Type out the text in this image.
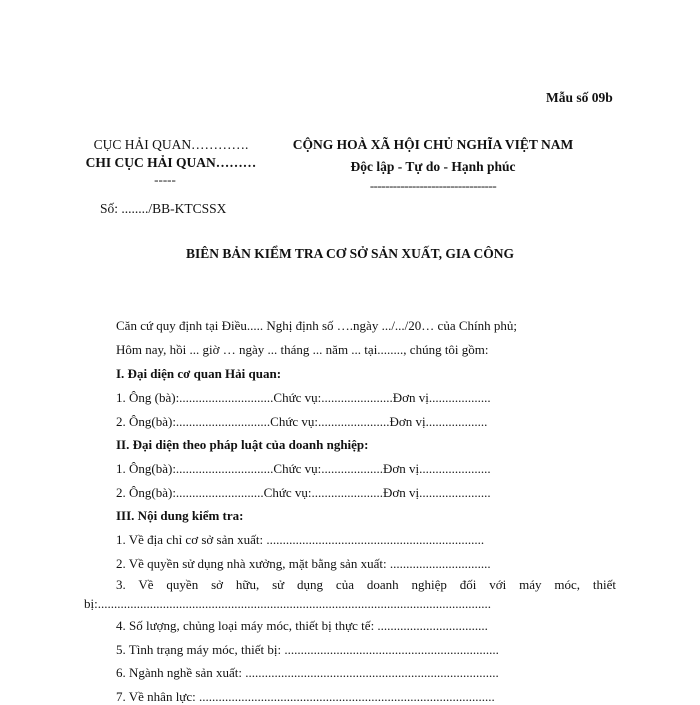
Mẫu số 09b
CỤC HẢI QUAN………….
CHI CỤC HẢI QUAN………
-----
Số: ......../BB-KTCSSX
CỘNG HOÀ XÃ HỘI CHỦ NGHĨA VIỆT NAM
Độc lập - Tự do - Hạnh phúc
---------------------------------
BIÊN BẢN KIỂM TRA CƠ SỞ SẢN XUẤT, GIA CÔNG
Căn cứ quy định tại Điều..... Nghị định số ….ngày .../.../20… của Chính phủ;
Hôm nay, hồi ... giờ … ngày ... tháng ... năm ... tại........, chúng tôi gồm:
I. Đại diện cơ quan Hải quan:
1. Ông (bà):.............................Chức vụ:......................Đơn vị...................
2. Ông(bà):.............................Chức vụ:......................Đơn vị...................
II. Đại diện theo pháp luật của doanh nghiệp:
1. Ông(bà):..............................Chức vụ:...................Đơn vị......................
2. Ông(bà):...........................Chức vụ:......................Đơn vị......................
III. Nội dung kiểm tra:
1. Về địa chỉ cơ sở sản xuất: ...................................................................
2. Về quyền sử dụng nhà xưởng, mặt bằng sản xuất: ...............................
3. Về quyền sở hữu, sử dụng của doanh nghiệp đối với máy móc, thiết
bị:.........................................................................................................................
4. Số lượng, chủng loại máy móc, thiết bị thực tế: ..................................
5. Tình trạng máy móc, thiết bị: ..................................................................
6. Ngành nghề sản xuất: ..............................................................................
7. Về nhân lực: ...........................................................................................
